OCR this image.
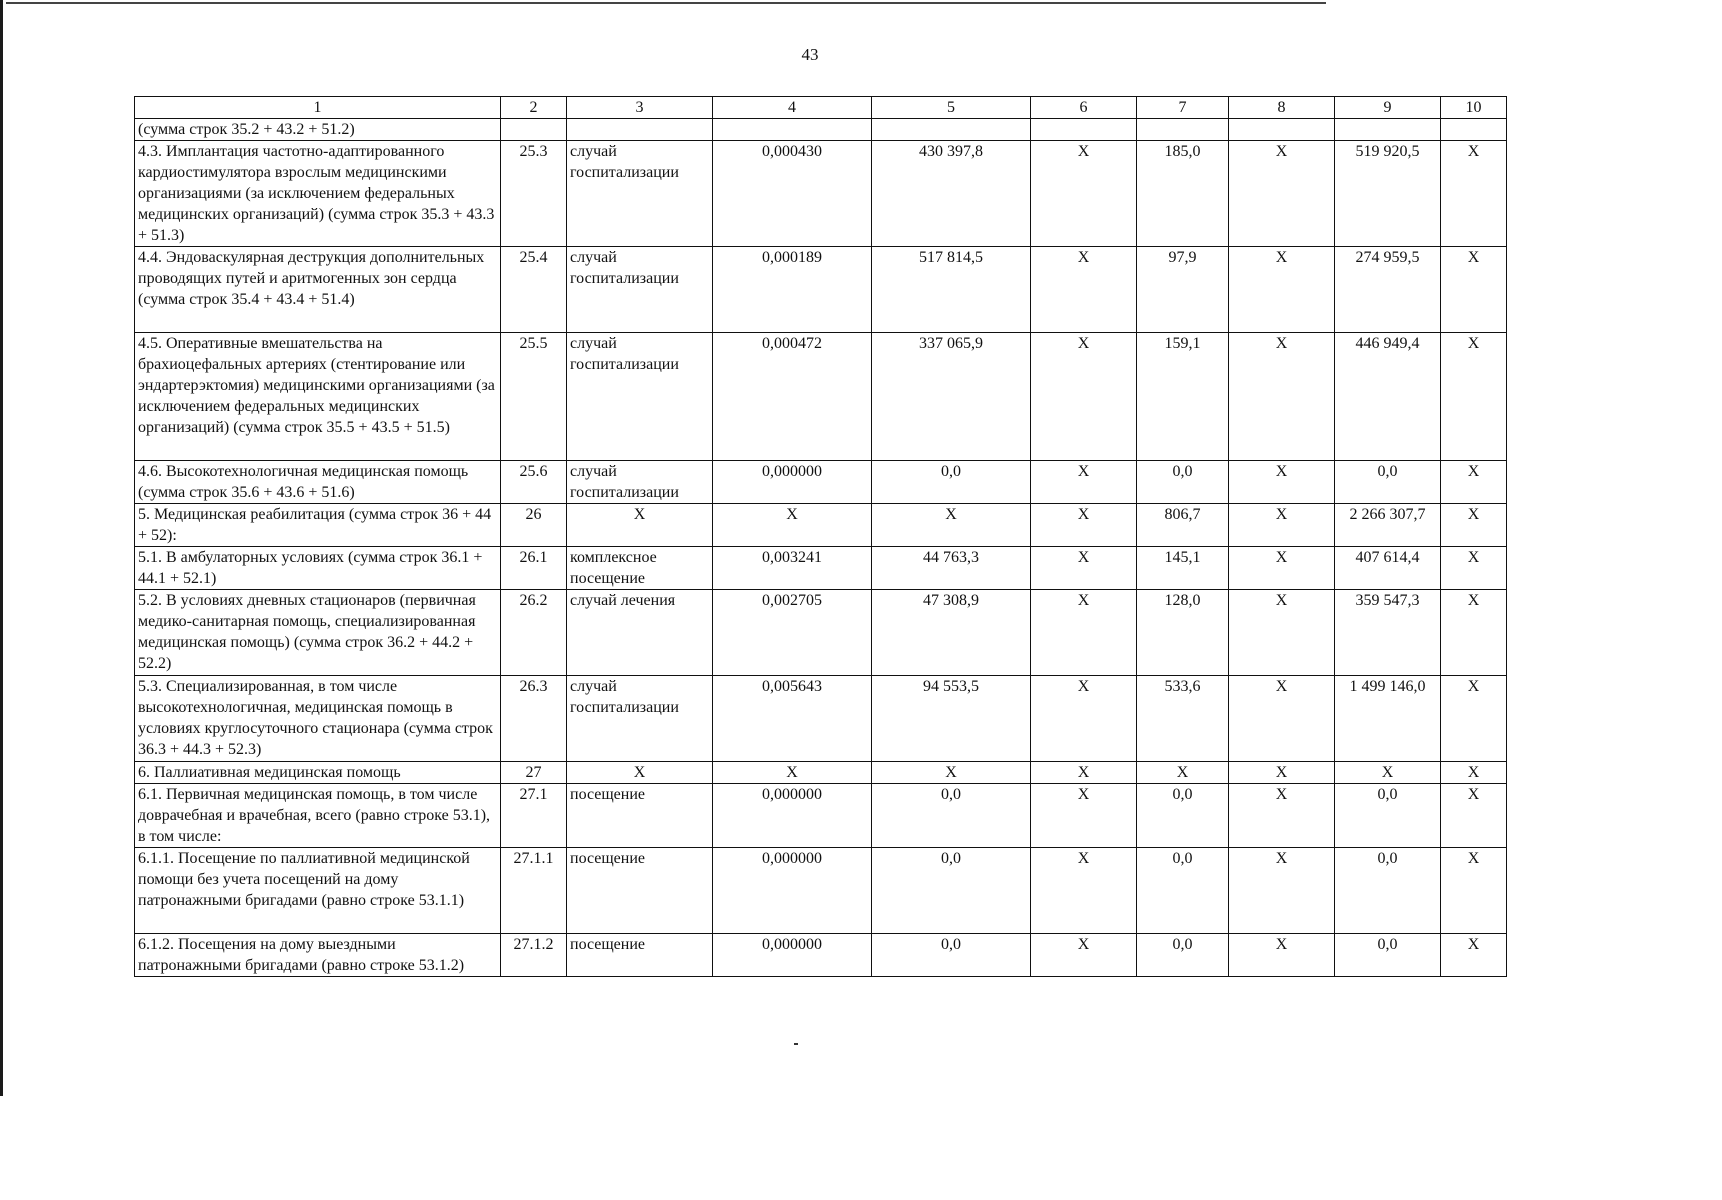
43
1	2	3	4	5	6	7	8	9	10
(сумма строк 35.2 + 43.2 + 51.2)									
4.3. Имплантация частотно-адаптированного кардиостимулятора взрослым медицинскими организациями (за исключением федеральных медицинских организаций) (сумма строк 35.3 + 43.3 + 51.3)	25.3	случай госпитализации	0,000430	430 397,8	X	185,0	X	519 920,5	X
4.4. Эндоваскулярная деструкция дополнительных проводящих путей и аритмогенных зон сердца (сумма строк 35.4 + 43.4 + 51.4)	25.4	случай госпитализации	0,000189	517 814,5	X	97,9	X	274 959,5	X
4.5. Оперативные вмешательства на брахиоцефальных артериях (стентирование или эндартерэктомия) медицинскими организациями (за исключением федеральных медицинских организаций) (сумма строк 35.5 + 43.5 + 51.5)	25.5	случай госпитализации	0,000472	337 065,9	X	159,1	X	446 949,4	X
4.6. Высокотехнологичная медицинская помощь (сумма строк 35.6 + 43.6 + 51.6)	25.6	случай госпитализации	0,000000	0,0	X	0,0	X	0,0	X
5. Медицинская реабилитация (сумма строк 36 + 44 + 52):	26	X	X	X	X	806,7	X	2 266 307,7	X
5.1. В амбулаторных условиях (сумма строк 36.1 + 44.1 + 52.1)	26.1	комплексное посещение	0,003241	44 763,3	X	145,1	X	407 614,4	X
5.2. В условиях дневных стационаров (первичная медико-санитарная помощь, специализированная медицинская помощь) (сумма строк 36.2 + 44.2 + 52.2)	26.2	случай лечения	0,002705	47 308,9	X	128,0	X	359 547,3	X
5.3. Специализированная, в том числе высокотехнологичная, медицинская помощь в условиях круглосуточного стационара (сумма строк 36.3 + 44.3 + 52.3)	26.3	случай госпитализации	0,005643	94 553,5	X	533,6	X	1 499 146,0	X
6. Паллиативная медицинская помощь	27	X	X	X	X	X	X	X	X
6.1. Первичная медицинская помощь, в том числе доврачебная и врачебная, всего (равно строке 53.1), в том числе:	27.1	посещение	0,000000	0,0	X	0,0	X	0,0	X
6.1.1. Посещение по паллиативной медицинской помощи без учета посещений на дому патронажными бригадами (равно строке 53.1.1)	27.1.1	посещение	0,000000	0,0	X	0,0	X	0,0	X
6.1.2. Посещения на дому выездными патронажными бригадами (равно строке 53.1.2)	27.1.2	посещение	0,000000	0,0	X	0,0	X	0,0	X
